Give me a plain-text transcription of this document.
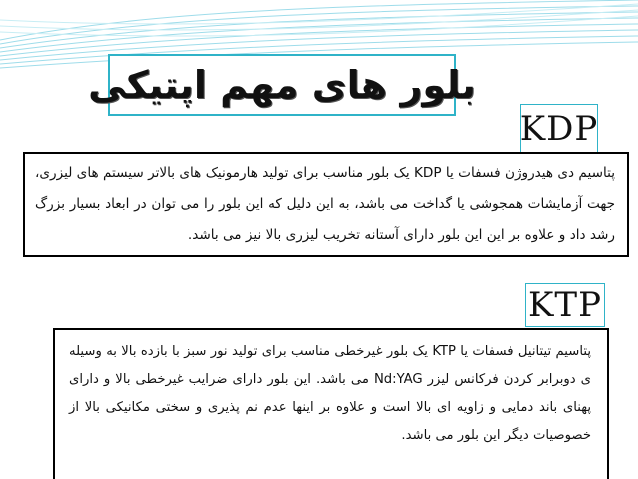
بلور های مهم اپتیکی
KDP

پتاسیم دی هیدروژن فسفات یا KDP یک بلور مناسب برای تولید هارمونیک های بالاتر سیستم های لیزری، جهت آزمایشات همجوشی یا گداخت می باشد، به این دلیل که این بلور را می توان در ابعاد بسیار بزرگ رشد داد و علاوه بر این این بلور دارای آستانه تخریب لیزری بالا نیز می باشد.

KTP

پتاسیم تیتانیل فسفات یا KTP یک بلور غیرخطی مناسب برای تولید نور سبز با بازده بالا به وسیله ی دوبرابر کردن فرکانس لیزر Nd:YAG می باشد. این بلور دارای ضرایب غیرخطی بالا و دارای پهنای باند دمایی و زاویه ای بالا است و علاوه بر اینها عدم نم پذیری و سختی مکانیکی بالا از خصوصیات دیگر این بلور می باشد.
